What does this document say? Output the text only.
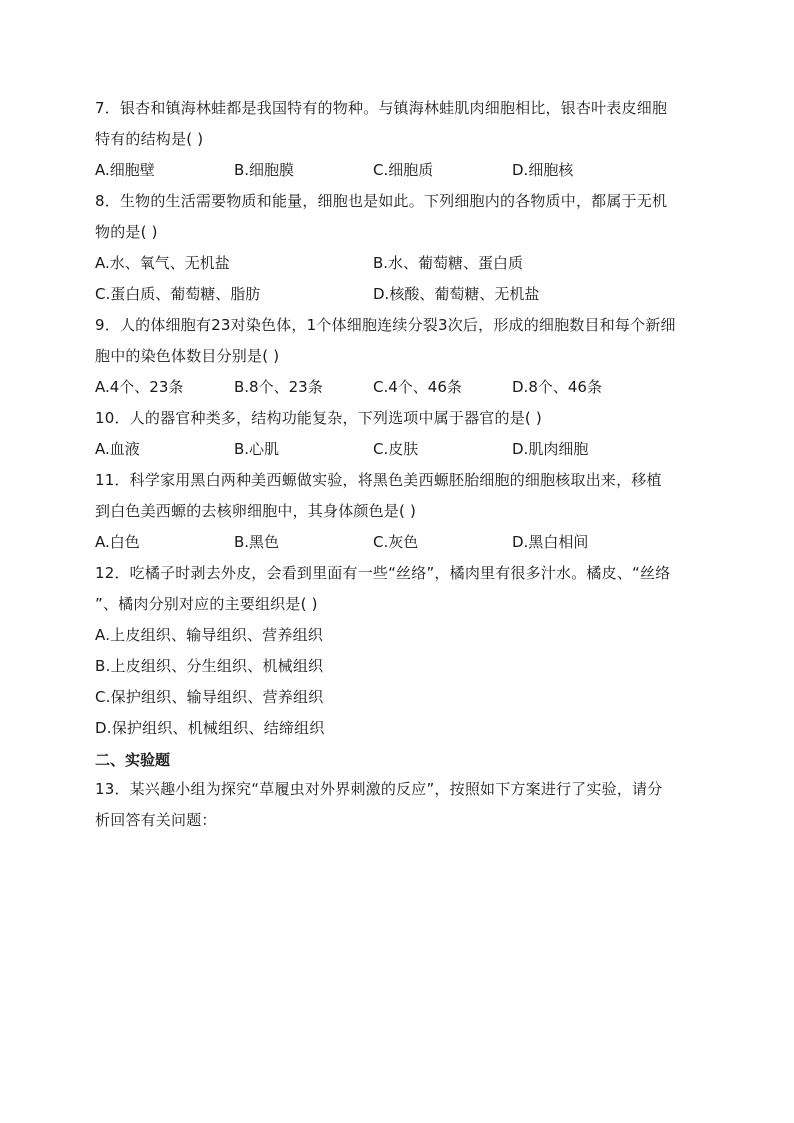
7．银杏和镇海林蛙都是我国特有的物种。与镇海林蛙肌肉细胞相比，银杏叶表皮细胞
特有的结构是( )
A.细胞壁	B.细胞膜	C.细胞质	D.细胞核
8．生物的生活需要物质和能量，细胞也是如此。下列细胞内的各物质中，都属于无机
物的是( )
A.水、氧气、无机盐	B.水、葡萄糖、蛋白质
C.蛋白质、葡萄糖、脂肪	D.核酸、葡萄糖、无机盐
9．人的体细胞有23对染色体，1个体细胞连续分裂3次后，形成的细胞数目和每个新细
胞中的染色体数目分别是( )
A.4个、23条	B.8个、23条	C.4个、46条	D.8个、46条
10．人的器官种类多，结构功能复杂，下列选项中属于器官的是( )
A.血液	B.心肌	C.皮肤	D.肌肉细胞
11．科学家用黑白两种美西螈做实验，将黑色美西螈胚胎细胞的细胞核取出来，移植
到白色美西螈的去核卵细胞中，其身体颜色是( )
A.白色	B.黑色	C.灰色	D.黑白相间
12．吃橘子时剥去外皮，会看到里面有一些“丝络”，橘肉里有很多汁水。橘皮、“丝络
”、橘肉分别对应的主要组织是( )
A.上皮组织、输导组织、营养组织
B.上皮组织、分生组织、机械组织
C.保护组织、输导组织、营养组织
D.保护组织、机械组织、结缔组织
二、实验题
13．某兴趣小组为探究“草履虫对外界刺激的反应”，按照如下方案进行了实验，请分
析回答有关问题：
